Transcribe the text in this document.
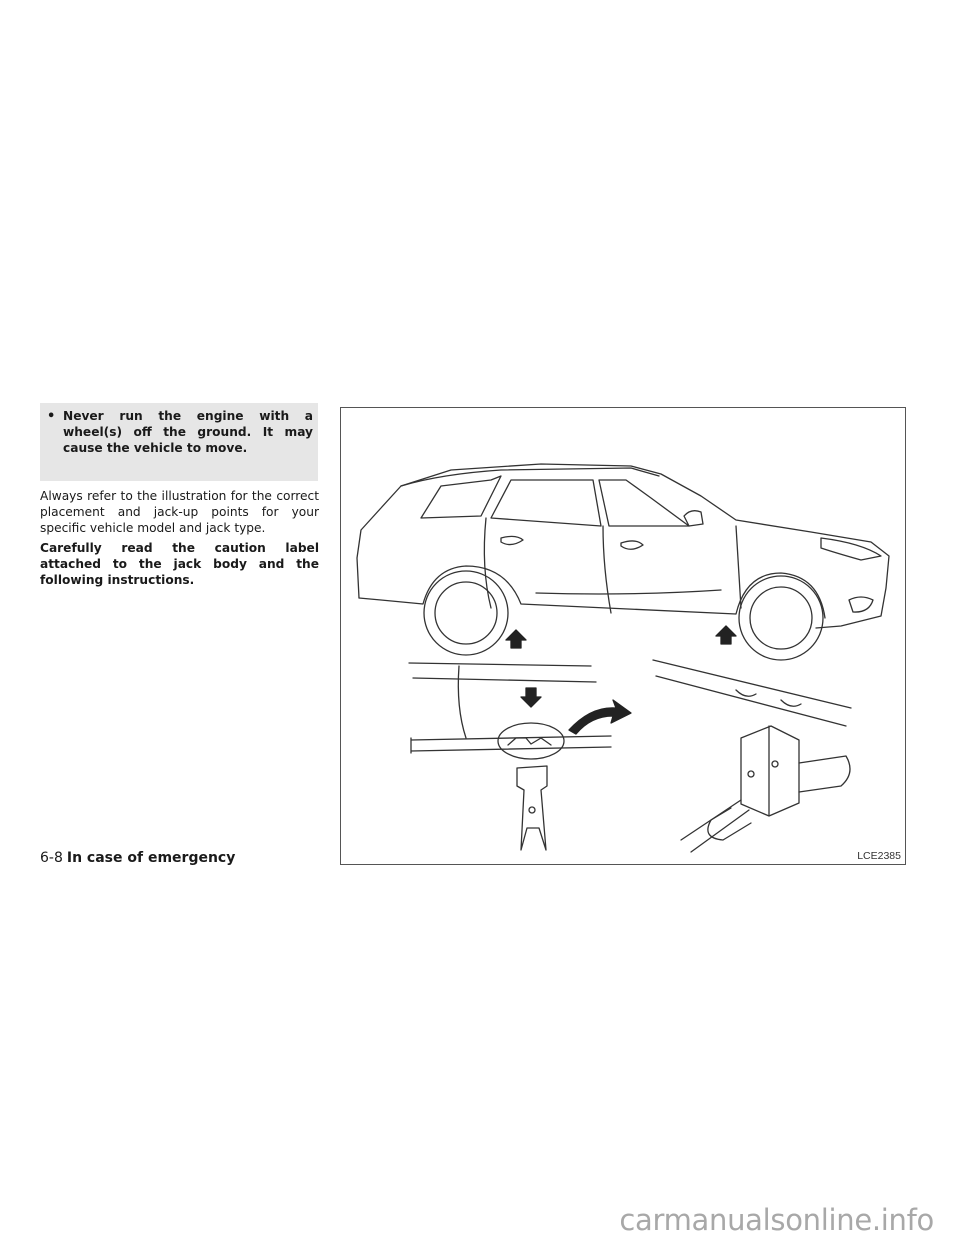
• Never run the engine with a wheel(s) off the ground. It may cause the vehicle to move.

Always refer to the illustration for the correct placement and jack-up points for your specific vehicle model and jack type.

Carefully read the caution label attached to the jack body and the following instructions.

LCE2385
6-8 In case of emergency
carmanualsonline.info
